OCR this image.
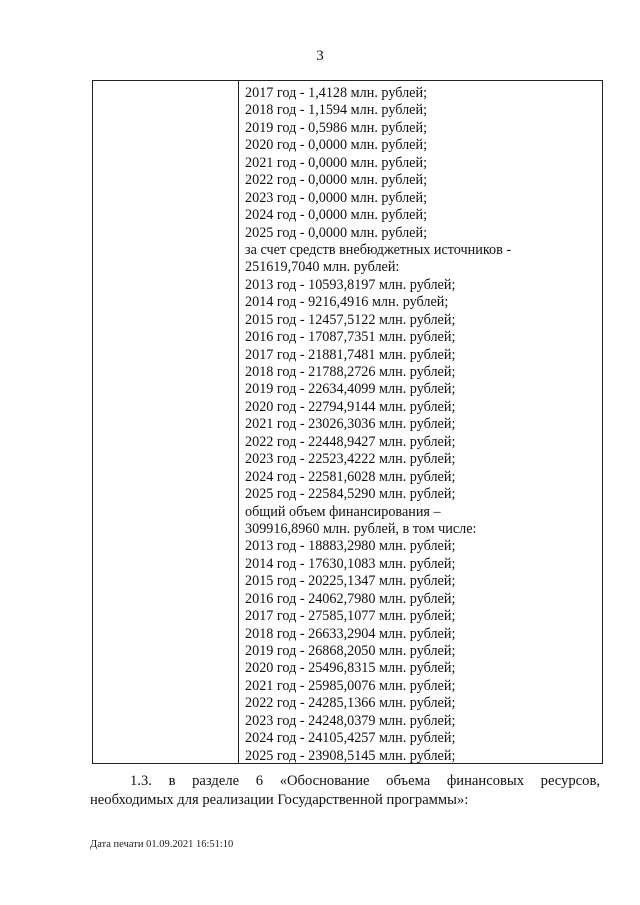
3
2017 год - 1,4128 млн. рублей;
2018 год - 1,1594 млн. рублей;
2019 год - 0,5986 млн. рублей;
2020 год - 0,0000 млн. рублей;
2021 год - 0,0000 млн. рублей;
2022 год - 0,0000 млн. рублей;
2023 год - 0,0000 млн. рублей;
2024 год - 0,0000 млн. рублей;
2025 год - 0,0000 млн. рублей;
за счет средств внебюджетных источников -
251619,7040 млн. рублей:
2013 год - 10593,8197 млн. рублей;
2014 год - 9216,4916 млн. рублей;
2015 год - 12457,5122 млн. рублей;
2016 год - 17087,7351 млн. рублей;
2017 год - 21881,7481 млн. рублей;
2018 год - 21788,2726 млн. рублей;
2019 год - 22634,4099 млн. рублей;
2020 год - 22794,9144 млн. рублей;
2021 год - 23026,3036 млн. рублей;
2022 год - 22448,9427 млн. рублей;
2023 год - 22523,4222 млн. рублей;
2024 год - 22581,6028 млн. рублей;
2025 год - 22584,5290 млн. рублей;
общий объем финансирования –
309916,8960 млн. рублей, в том числе:
2013 год - 18883,2980 млн. рублей;
2014 год - 17630,1083 млн. рублей;
2015 год - 20225,1347 млн. рублей;
2016 год - 24062,7980 млн. рублей;
2017 год - 27585,1077 млн. рублей;
2018 год - 26633,2904 млн. рублей;
2019 год - 26868,2050 млн. рублей;
2020 год - 25496,8315 млн. рублей;
2021 год - 25985,0076 млн. рублей;
2022 год - 24285,1366 млн. рублей;
2023 год - 24248,0379 млн. рублей;
2024 год - 24105,4257 млн. рублей;
2025 год - 23908,5145 млн. рублей;
1.3. в разделе 6 «Обоснование объема финансовых ресурсов,
необходимых для реализации Государственной программы»:
Дата печати 01.09.2021 16:51:10
